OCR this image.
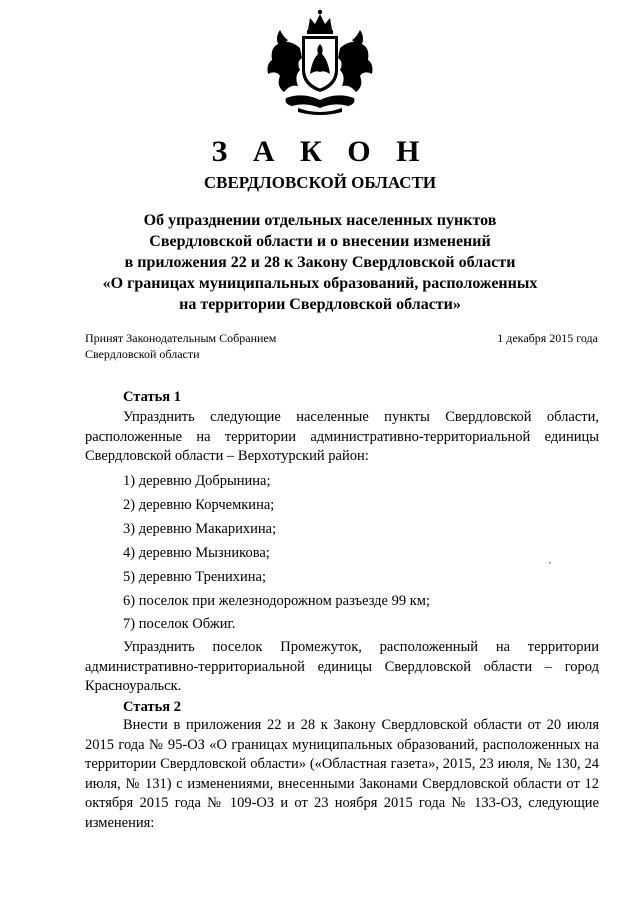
З А К О Н
СВЕРДЛОВСКОЙ ОБЛАСТИ
Об упразднении отдельных населенных пунктов
Свердловской области и о внесении изменений
в приложения 22 и 28 к Закону Свердловской области
«О границах муниципальных образований, расположенных
на территории Свердловской области»
Принят Законодательным Собранием
Свердловской области
1 декабря 2015 года
Статья 1
Упразднить следующие населенные пункты Свердловской области, расположенные на территории административно-территориальной единицы Свердловской области – Верхотурский район:
1) деревню Добрынина;
2) деревню Корчемкина;
3) деревню Макарихина;
4) деревню Мызникова;
5) деревню Тренихина;
6) поселок при железнодорожном разъезде 99 км;
7) поселок Обжиг.
Упразднить поселок Промежуток, расположенный на территории административно-территориальной единицы Свердловской области – город Красноуральск.
Статья 2
Внести в приложения 22 и 28 к Закону Свердловской области от 20 июля 2015 года № 95-ОЗ «О границах муниципальных образований, расположенных на территории Свердловской области» («Областная газета», 2015, 23 июля, № 130, 24 июля, № 131) с изменениями, внесенными Законами Свердловской области от 12 октября 2015 года № 109-ОЗ и от 23 ноября 2015 года № 133-ОЗ, следующие изменения:
